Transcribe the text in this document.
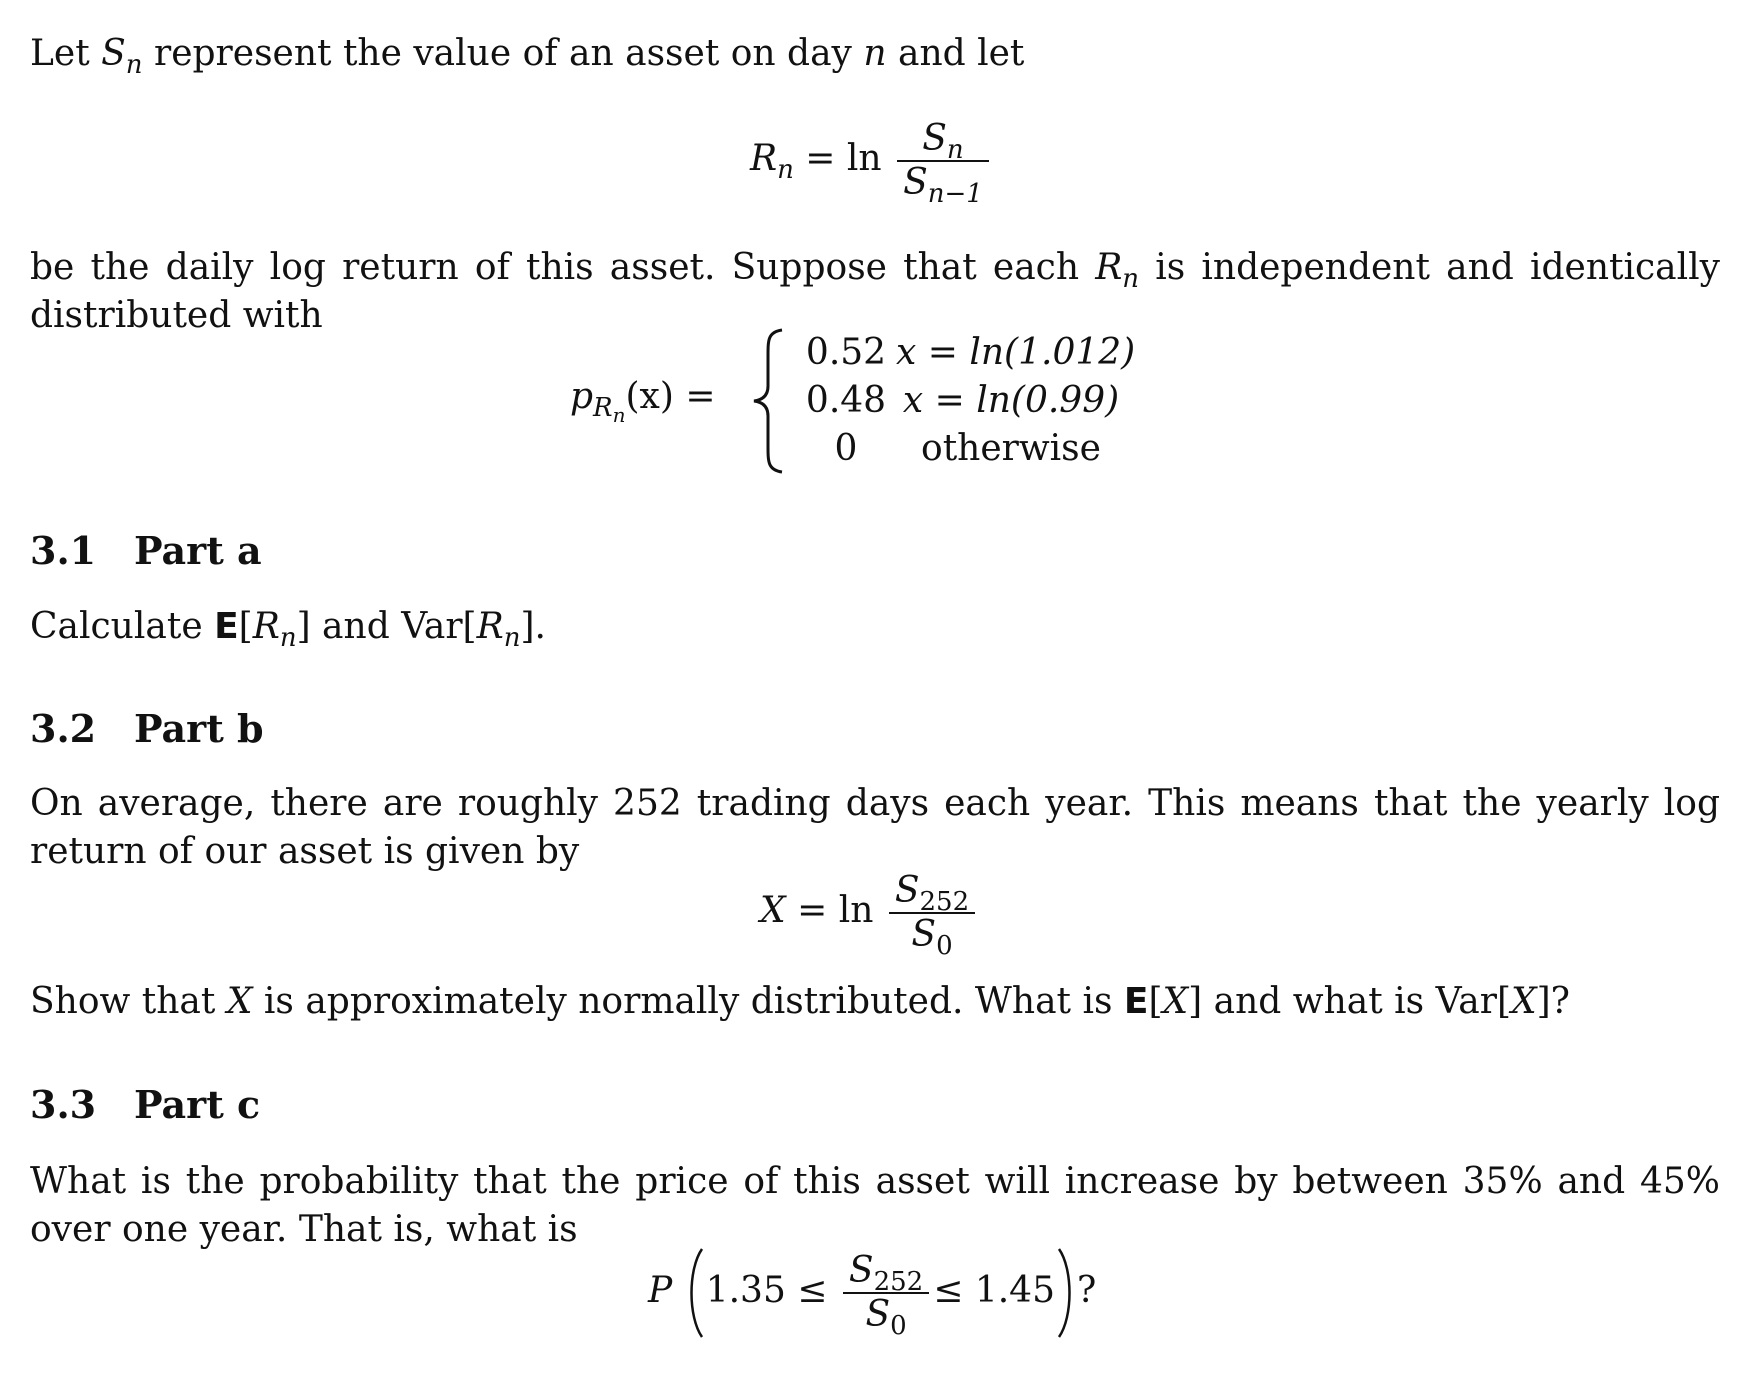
Let $S_n$ represent the value of an asset on day n and let
$R_n = \ln \frac{S_n}{S_{n-1}}$
be the daily log return of this asset. Suppose that each $R_n$ is independent and identically distributed with
$p_{R_n}(x)$ =
0.52 x = ln(1.012)
0.48 x = ln(0.99)
0 otherwise
3.1 Part a
Calculate $E[R_n]$ and $Var[R_n]$.
3.2 Part b
On average, there are roughly 252 trading days each year. This means that the yearly log return of our asset is given by
$X = \ln \frac{S_{252}}{S_0}$
Show that X is approximately normally distributed. What is E[X] and what is Var[X]?
3.3 Part c
What is the probability that the price of this asset will increase by between 35% and 45% over one year. That is, what is
P $1.35 \le \frac{S_{252}}{S_0} \le 1.45$ ?
